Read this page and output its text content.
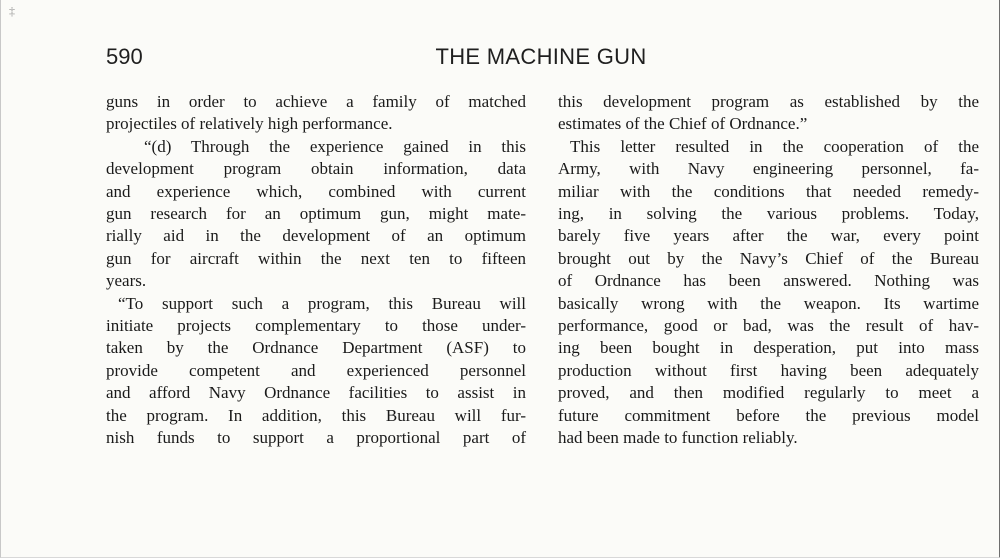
‡
590	THE MACHINE GUN
guns in order to achieve a family of matched
projectiles of relatively high performance.
“(d) Through the experience gained in this
development program obtain information, data
and experience which, combined with current
gun research for an optimum gun, might mate-
rially aid in the development of an optimum
gun for aircraft within the next ten to fifteen
years.
“To support such a program, this Bureau will
initiate projects complementary to those under-
taken by the Ordnance Department (ASF) to
provide competent and experienced personnel
and afford Navy Ordnance facilities to assist in
the program. In addition, this Bureau will fur-
nish funds to support a proportional part of
this development program as established by the
estimates of the Chief of Ordnance.”
This letter resulted in the cooperation of the
Army, with Navy engineering personnel, fa-
miliar with the conditions that needed remedy-
ing, in solving the various problems. Today,
barely five years after the war, every point
brought out by the Navy’s Chief of the Bureau
of Ordnance has been answered. Nothing was
basically wrong with the weapon. Its wartime
performance, good or bad, was the result of hav-
ing been bought in desperation, put into mass
production without first having been adequately
proved, and then modified regularly to meet a
future commitment before the previous model
had been made to function reliably.
